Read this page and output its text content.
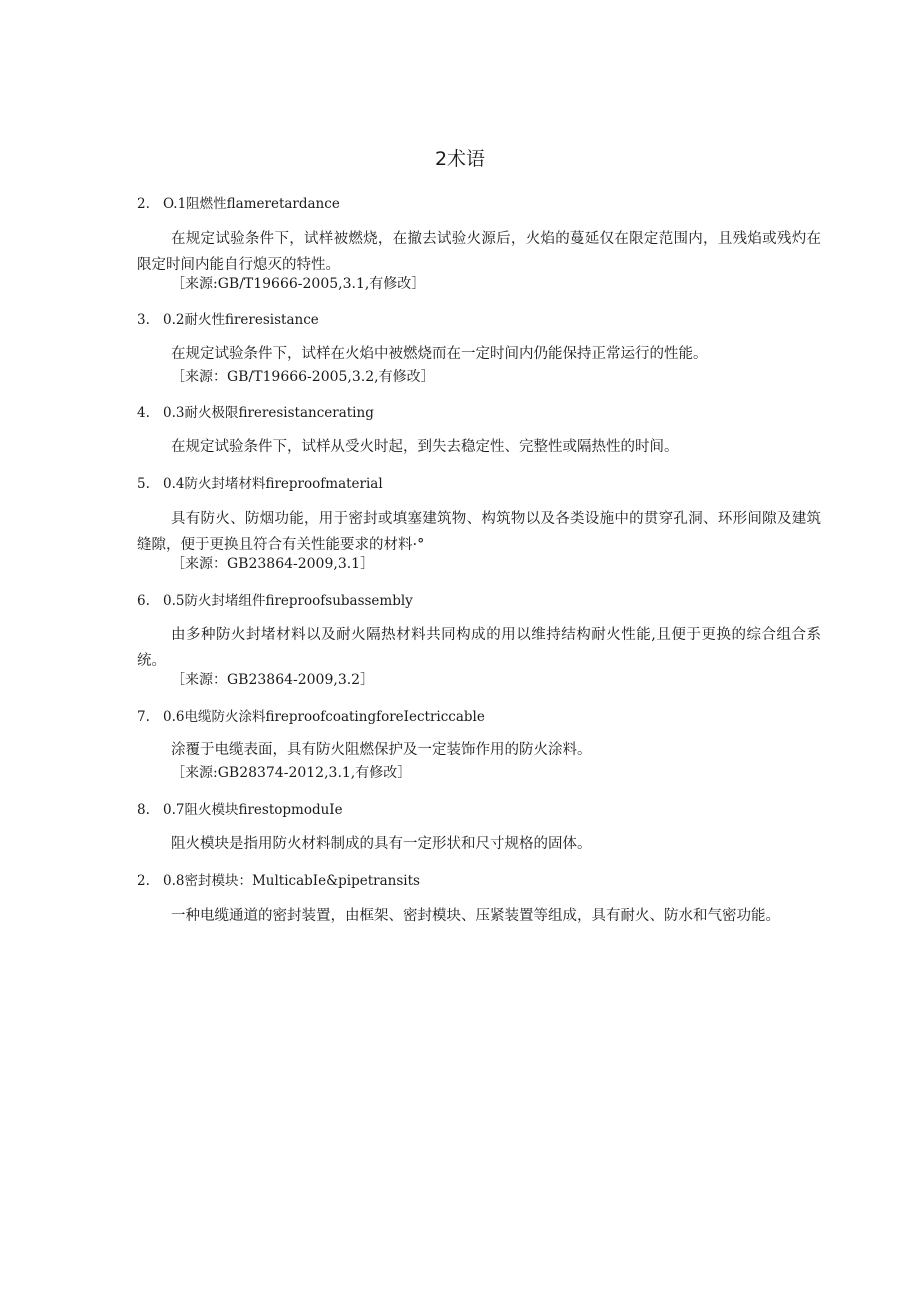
2术语
2. O.1阻燃性flameretardance
在规定试验条件下，试样被燃烧，在撤去试验火源后，火焰的蔓延仅在限定范围内，且残焰或残灼在限定时间内能自行熄灭的特性。
［来源:GB/T19666-2005,3.1,有修改］
3. 0.2耐火性fireresistance
在规定试验条件下，试样在火焰中被燃烧而在一定时间内仍能保持正常运行的性能。
［来源：GB/T19666-2005,3.2,有修改］
4. 0.3耐火极限fireresistancerating
在规定试验条件下，试样从受火时起，到失去稳定性、完整性或隔热性的时间。
5. 0.4防火封堵材料fireproofmaterial
具有防火、防烟功能，用于密封或填塞建筑物、构筑物以及各类设施中的贯穿孔洞、环形间隙及建筑缝隙，便于更换且符合有关性能要求的材料·°
［来源：GB23864-2009,3.1］
6. 0.5防火封堵组件fireproofsubassembly
由多种防火封堵材料以及耐火隔热材料共同构成的用以维持结构耐火性能,且便于更换的综合组合系统。
［来源：GB23864-2009,3.2］
7. 0.6电缆防火涂料fireproofcoatingforeIectriccable
涂覆于电缆表面，具有防火阻燃保护及一定装饰作用的防火涂料。
［来源:GB28374-2012,3.1,有修改］
8. 0.7阻火模块firestopmoduIe
阻火模块是指用防火材料制成的具有一定形状和尺寸规格的固体。
2. 0.8密封模块：MulticabIe&pipetransits
一种电缆通道的密封装置，由框架、密封模块、压紧装置等组成，具有耐火、防水和气密功能。
